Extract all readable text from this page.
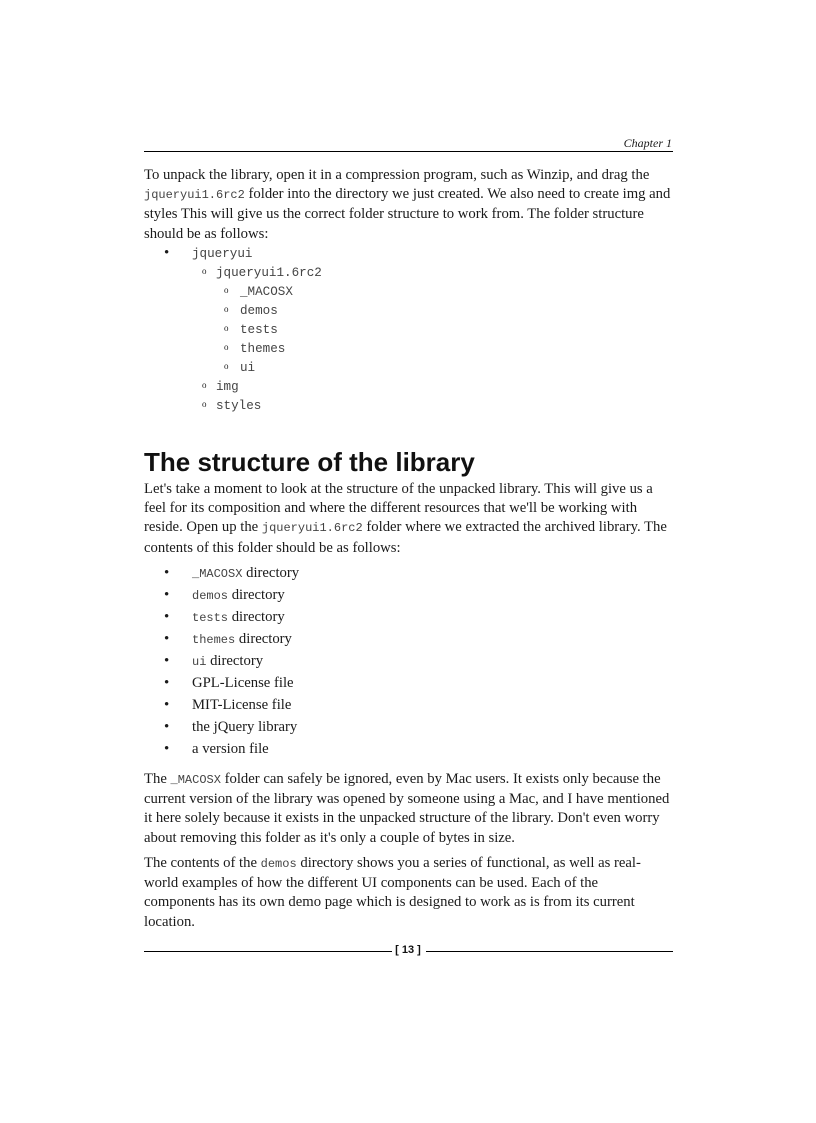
Chapter 1
To unpack the library, open it in a compression program, such as Winzip, and drag the jqueryui1.6rc2 folder into the directory we just created. We also need to create img and styles This will give us the correct folder structure to work from. The folder structure should be as follows:
• jqueryui
o jqueryui1.6rc2
o _MACOSX
o demos
o tests
o themes
o ui
o img
o styles
The structure of the library
Let's take a moment to look at the structure of the unpacked library. This will give us a feel for its composition and where the different resources that we'll be working with reside. Open up the jqueryui1.6rc2 folder where we extracted the archived library. The contents of this folder should be as follows:
• _MACOSX directory
• demos directory
• tests directory
• themes directory
• ui directory
• GPL-License file
• MIT-License file
• the jQuery library
• a version file
The _MACOSX folder can safely be ignored, even by Mac users. It exists only because the current version of the library was opened by someone using a Mac, and I have mentioned it here solely because it exists in the unpacked structure of the library. Don't even worry about removing this folder as it's only a couple of bytes in size.
The contents of the demos directory shows you a series of functional, as well as real-world examples of how the different UI components can be used. Each of the components has its own demo page which is designed to work as is from its current location.
[ 13 ]
